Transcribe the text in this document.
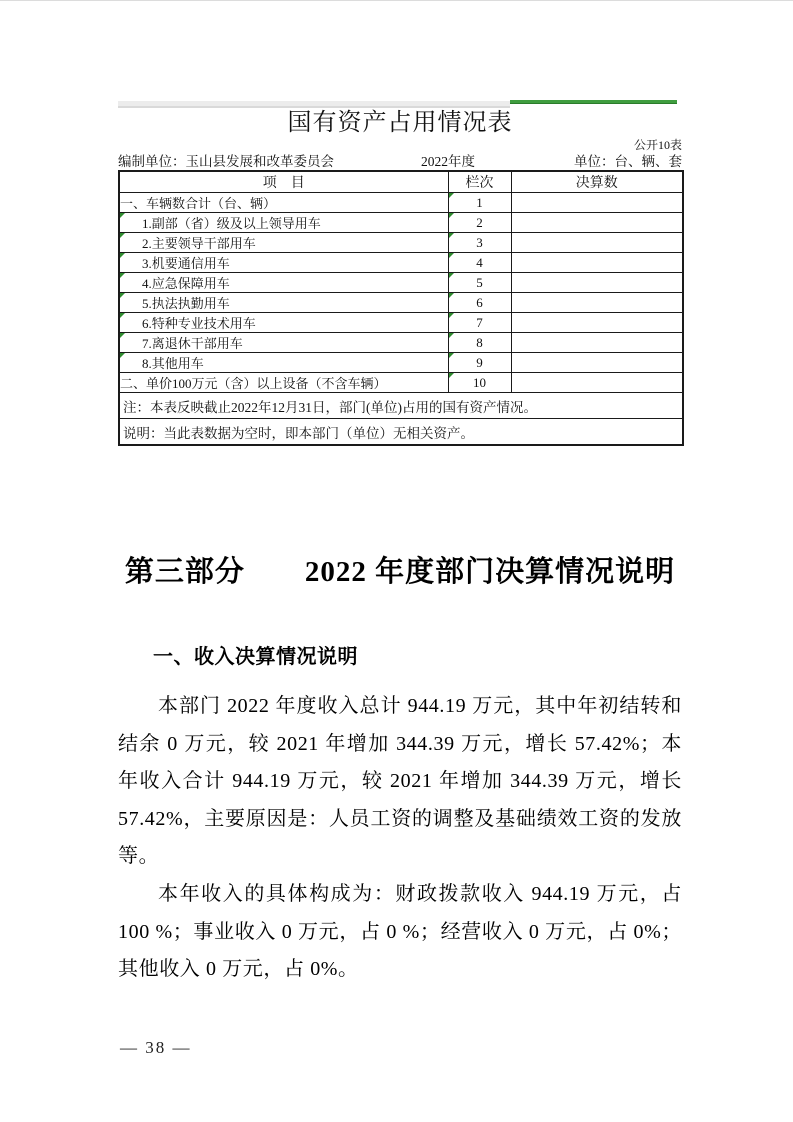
国有资产占用情况表
公开10表
编制单位：玉山县发展和改革委员会	2022年度	单位：台、辆、套
项　目	栏次	决算数
一、车辆数合计（台、辆）	1

1.副部（省）级及以上领导用车	2

2.主要领导干部用车	3

3.机要通信用车	4

4.应急保障用车	5

5.执法执勤用车	6

6.特种专业技术用车	7

7.离退休干部用车	8

8.其他用车	9

二、单价100万元（含）以上设备（不含车辆）	10

注：本表反映截止2022年12月31日，部门(单位)占用的国有资产情况。		
说明：当此表数据为空时，即本部门（单位）无相关资产。		
第三部分　　2022 年度部门决算情况说明
一、收入决算情况说明

本部门 2022 年度收入总计 944.19 万元，其中年初结转和结余 0 万元，较 2021 年增加 344.39 万元，增长 57.42%；本年收入合计 944.19 万元，较 2021 年增加 344.39 万元，增长 57.42%，主要原因是：人员工资的调整及基础绩效工资的发放等。

本年收入的具体构成为：财政拨款收入 944.19 万元，占 100 %；事业收入 0 万元，占 0 %；经营收入 0 万元，占 0%；其他收入 0 万元，占 0%。

— 38 —
